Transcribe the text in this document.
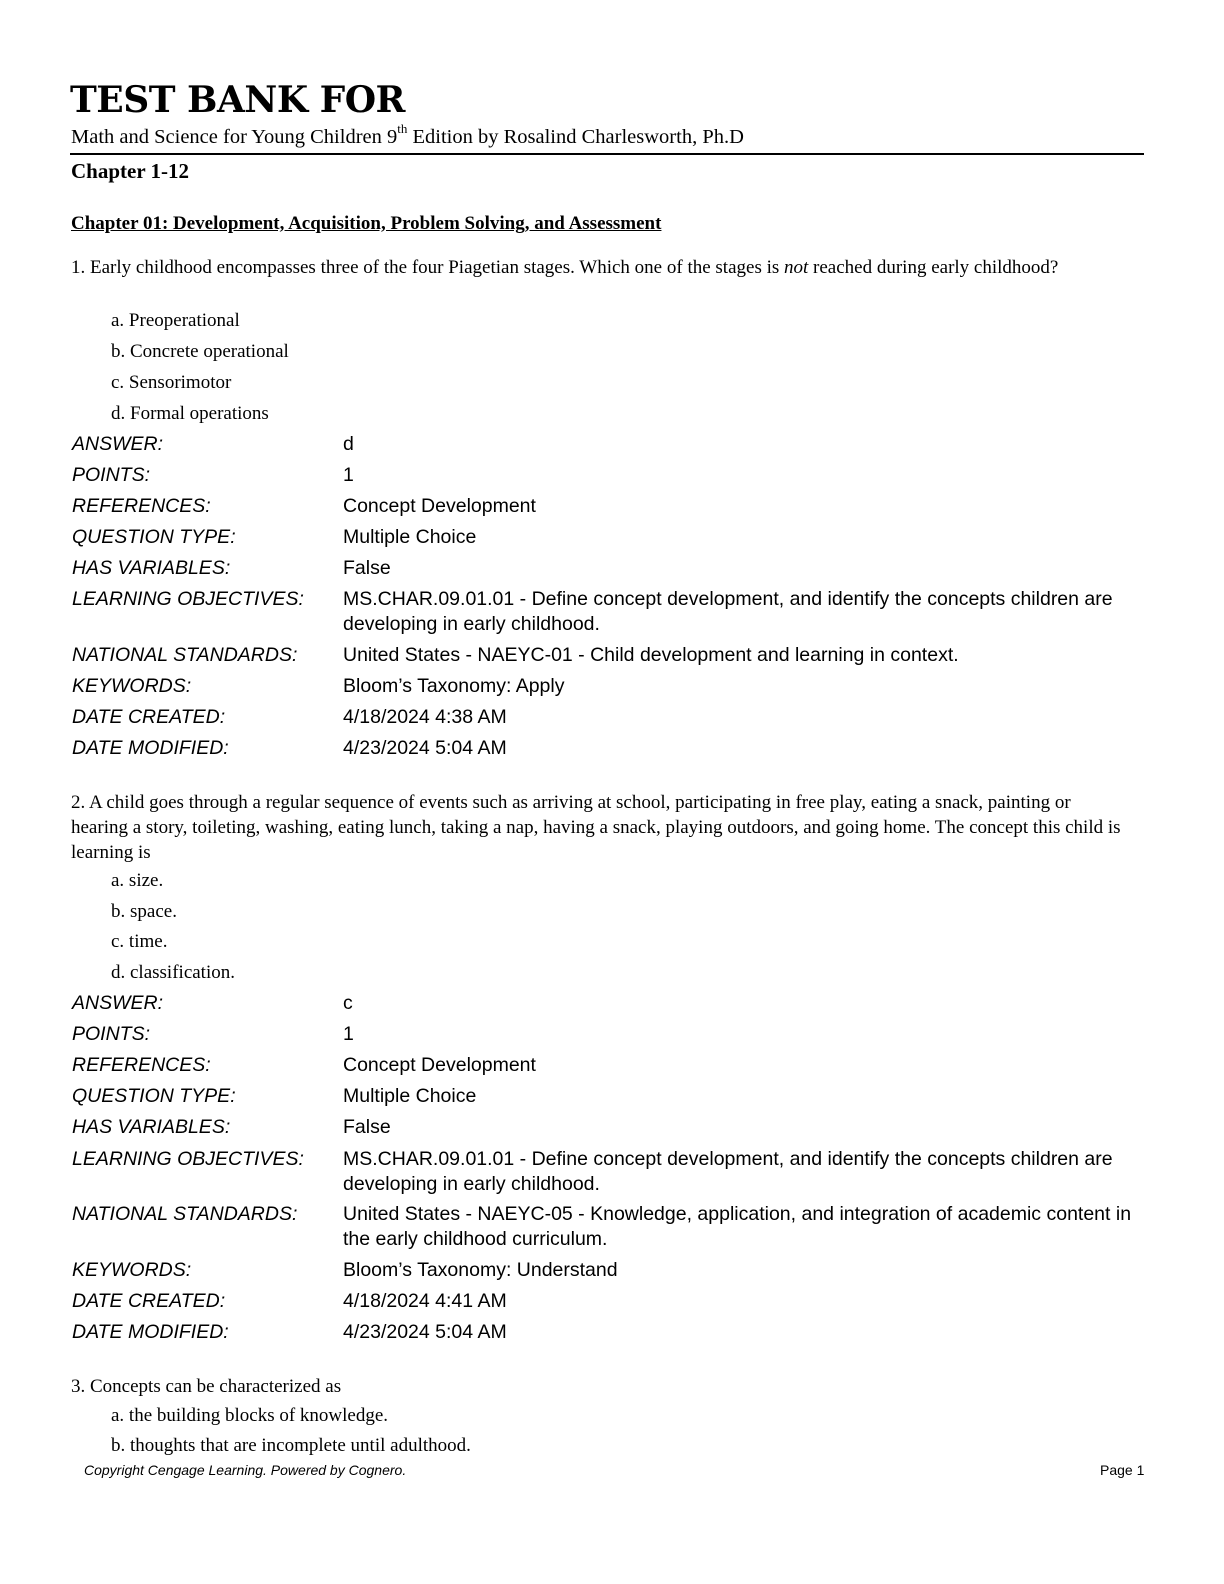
TEST BANK FOR
Math and Science for Young Children 9th Edition by Rosalind Charlesworth, Ph.D
Chapter 1-12
Chapter 01: Development, Acquisition, Problem Solving, and Assessment
1. Early childhood encompasses three of the four Piagetian stages. Which one of the stages is not reached during early childhood?
a. Preoperational
b. Concrete operational
c. Sensorimotor
d. Formal operations
ANSWER:	d
POINTS:	1
REFERENCES:	Concept Development
QUESTION TYPE:	Multiple Choice
HAS VARIABLES:	False
LEARNING OBJECTIVES: MS.CHAR.09.01.01 - Define concept development, and identify the concepts children are developing in early childhood.
NATIONAL STANDARDS: United States - NAEYC-01 - Child development and learning in context.
KEYWORDS:	Bloom’s Taxonomy: Apply
DATE CREATED:	4/18/2024 4:38 AM
DATE MODIFIED:	4/23/2024 5:04 AM
2. A child goes through a regular sequence of events such as arriving at school, participating in free play, eating a snack, painting or hearing a story, toileting, washing, eating lunch, taking a nap, having a snack, playing outdoors, and going home. The concept this child is learning is
a. size.
b. space.
c. time.
d. classification.
ANSWER:	c
POINTS:	1
REFERENCES:	Concept Development
QUESTION TYPE:	Multiple Choice
HAS VARIABLES:	False
LEARNING OBJECTIVES: MS.CHAR.09.01.01 - Define concept development, and identify the concepts children are developing in early childhood.
NATIONAL STANDARDS: United States - NAEYC-05 - Knowledge, application, and integration of academic content in the early childhood curriculum.
KEYWORDS:	Bloom’s Taxonomy: Understand
DATE CREATED:	4/18/2024 4:41 AM
DATE MODIFIED:	4/23/2024 5:04 AM
3. Concepts can be characterized as
a. the building blocks of knowledge.
b. thoughts that are incomplete until adulthood.
Copyright Cengage Learning. Powered by Cognero.	Page 1
